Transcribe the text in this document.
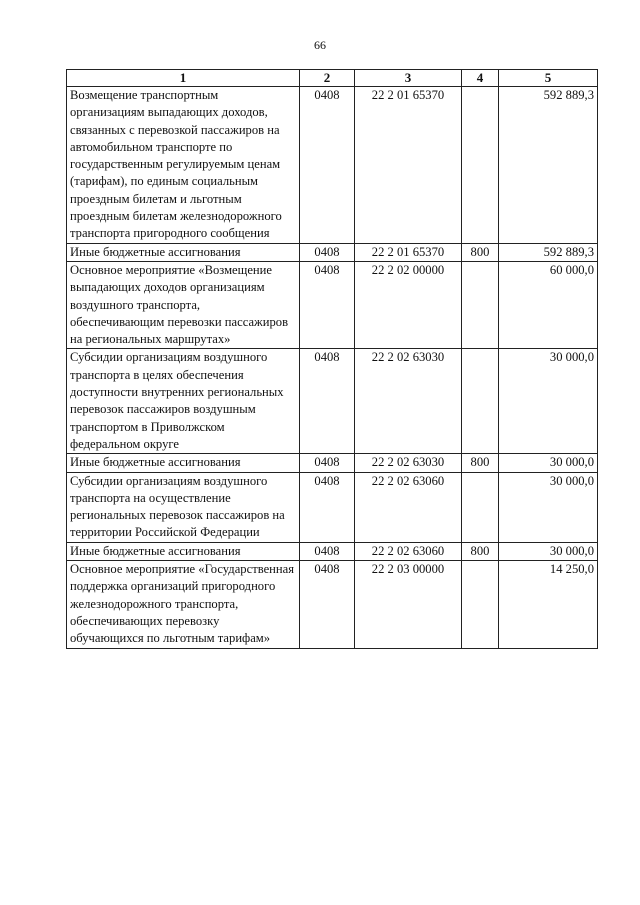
66
1	2	3	4	5
Возмещение транспортным организациям выпадающих доходов, связанных с перевозкой пассажиров на автомобильном транспорте по государственным регулируемым ценам (тарифам), по единым социальным проездным билетам и льготным проездным билетам железнодорожного транспорта пригородного сообщения	0408	22 2 01 65370		592 889,3
Иные бюджетные ассигнования	0408	22 2 01 65370	800	592 889,3
Основное мероприятие «Возмещение выпадающих доходов организациям воздушного транспорта, обеспечивающим перевозки пассажиров на региональных маршрутах»	0408	22 2 02 00000		60 000,0
Субсидии организациям воздушного транспорта в целях обеспечения доступности внутренних региональных перевозок пассажиров воздушным транспортом в Приволжском федеральном округе	0408	22 2 02 63030		30 000,0
Иные бюджетные ассигнования	0408	22 2 02 63030	800	30 000,0
Субсидии организациям воздушного транспорта на осуществление региональных перевозок пассажиров на территории Российской Федерации	0408	22 2 02 63060		30 000,0
Иные бюджетные ассигнования	0408	22 2 02 63060	800	30 000,0
Основное мероприятие «Государственная поддержка организаций пригородного железнодорожного транспорта, обеспечивающих перевозку обучающихся по льготным тарифам»	0408	22 2 03 00000		14 250,0
